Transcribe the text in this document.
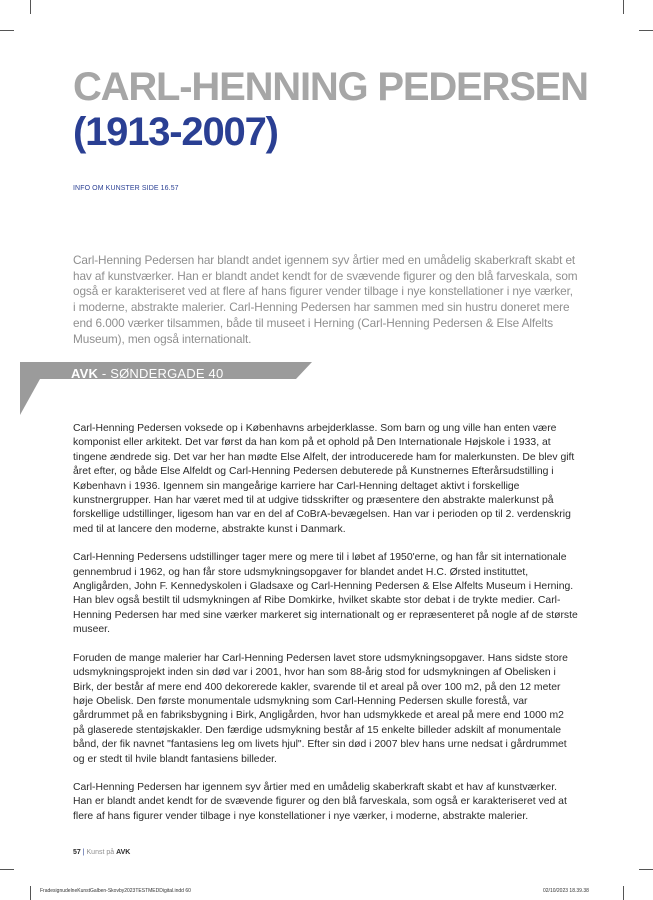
CARL-HENNING PEDERSEN
(1913-2007)
INFO OM KUNSTER SIDE 16.57

Carl-Henning Pedersen har blandt andet igennem syv årtier med en umådelig skaberkraft skabt et hav af kunstværker. Han er blandt andet kendt for de svævende figurer og den blå farveskala, som også er karakteriseret ved at flere af hans figurer vender tilbage i nye konstellationer i nye værker, i moderne, abstrakte malerier. Carl-Henning Pedersen har sammen med sin hustru doneret mere end 6.000 værker tilsammen, både til museet i Herning (Carl-Henning Pedersen & Else Alfelts Museum), men også internationalt.

AVK - SØNDERGADE 40

Carl-Henning Pedersen voksede op i Københavns arbejderklasse. Som barn og ung ville han enten være komponist eller arkitekt. Det var først da han kom på et ophold på Den Internationale Højskole i 1933, at tingene ændrede sig. Det var her han mødte Else Alfelt, der introducerede ham for malerkunsten. De blev gift året efter, og både Else Alfeldt og Carl-Henning Pedersen debuterede på Kunstnernes Efterårsudstilling i København i 1936. Igennem sin mangeårige karriere har Carl-Henning deltaget aktivt i forskellige kunstnergrupper. Han har været med til at udgive tidsskrifter og præsentere den abstrakte malerkunst på forskellige udstillinger, ligesom han var en del af CoBrA-bevægelsen. Han var i perioden op til 2. verdenskrig med til at lancere den moderne, abstrakte kunst i Danmark.

Carl-Henning Pedersens udstillinger tager mere og mere til i løbet af 1950'erne, og han får sit internationale gennembrud i 1962, og han får store udsmykningsopgaver for blandet andet H.C. Ørsted instituttet, Angligården, John F. Kennedyskolen i Gladsaxe og Carl-Henning Pedersen & Else Alfelts Museum i Herning. Han blev også bestilt til udsmykningen af Ribe Domkirke, hvilket skabte stor debat i de trykte medier. Carl-Henning Pedersen har med sine værker markeret sig internationalt og er repræsenteret på nogle af de største museer.

Foruden de mange malerier har Carl-Henning Pedersen lavet store udsmykningsopgaver. Hans sidste store udsmykningsprojekt inden sin død var i 2001, hvor han som 88-årig stod for udsmykningen af Obelisken i Birk, der består af mere end 400 dekorerede kakler, svarende til et areal på over 100 m2, på den 12 meter høje Obelisk. Den første monumentale udsmykning som Carl-Henning Pedersen skulle forestå, var gårdrummet på en fabriksbygning i Birk, Angligården, hvor han udsmykkede et areal på mere end 1000 m2 på glaserede stentøjskakler. Den færdige udsmykning består af 15 enkelte billeder adskilt af monumentale bånd, der fik navnet "fantasiens leg om livets hjul". Efter sin død i 2007 blev hans urne nedsat i gårdrummet og er stedt til hvile blandt fantasiens billeder.

Carl-Henning Pedersen har igennem syv årtier med en umådelig skaberkraft skabt et hav af kunstværker. Han er blandt andet kendt for de svævende figurer og den blå farveskala, som også er karakteriseret ved at flere af hans figurer vender tilbage i nye konstellationer i nye værker, i moderne, abstrakte malerier.

57 | Kunst på AVK
FradesignudelneKunstGalben-Skovby2023TESTMEDDigital.indd 60	02/10/2023 18.39.38
